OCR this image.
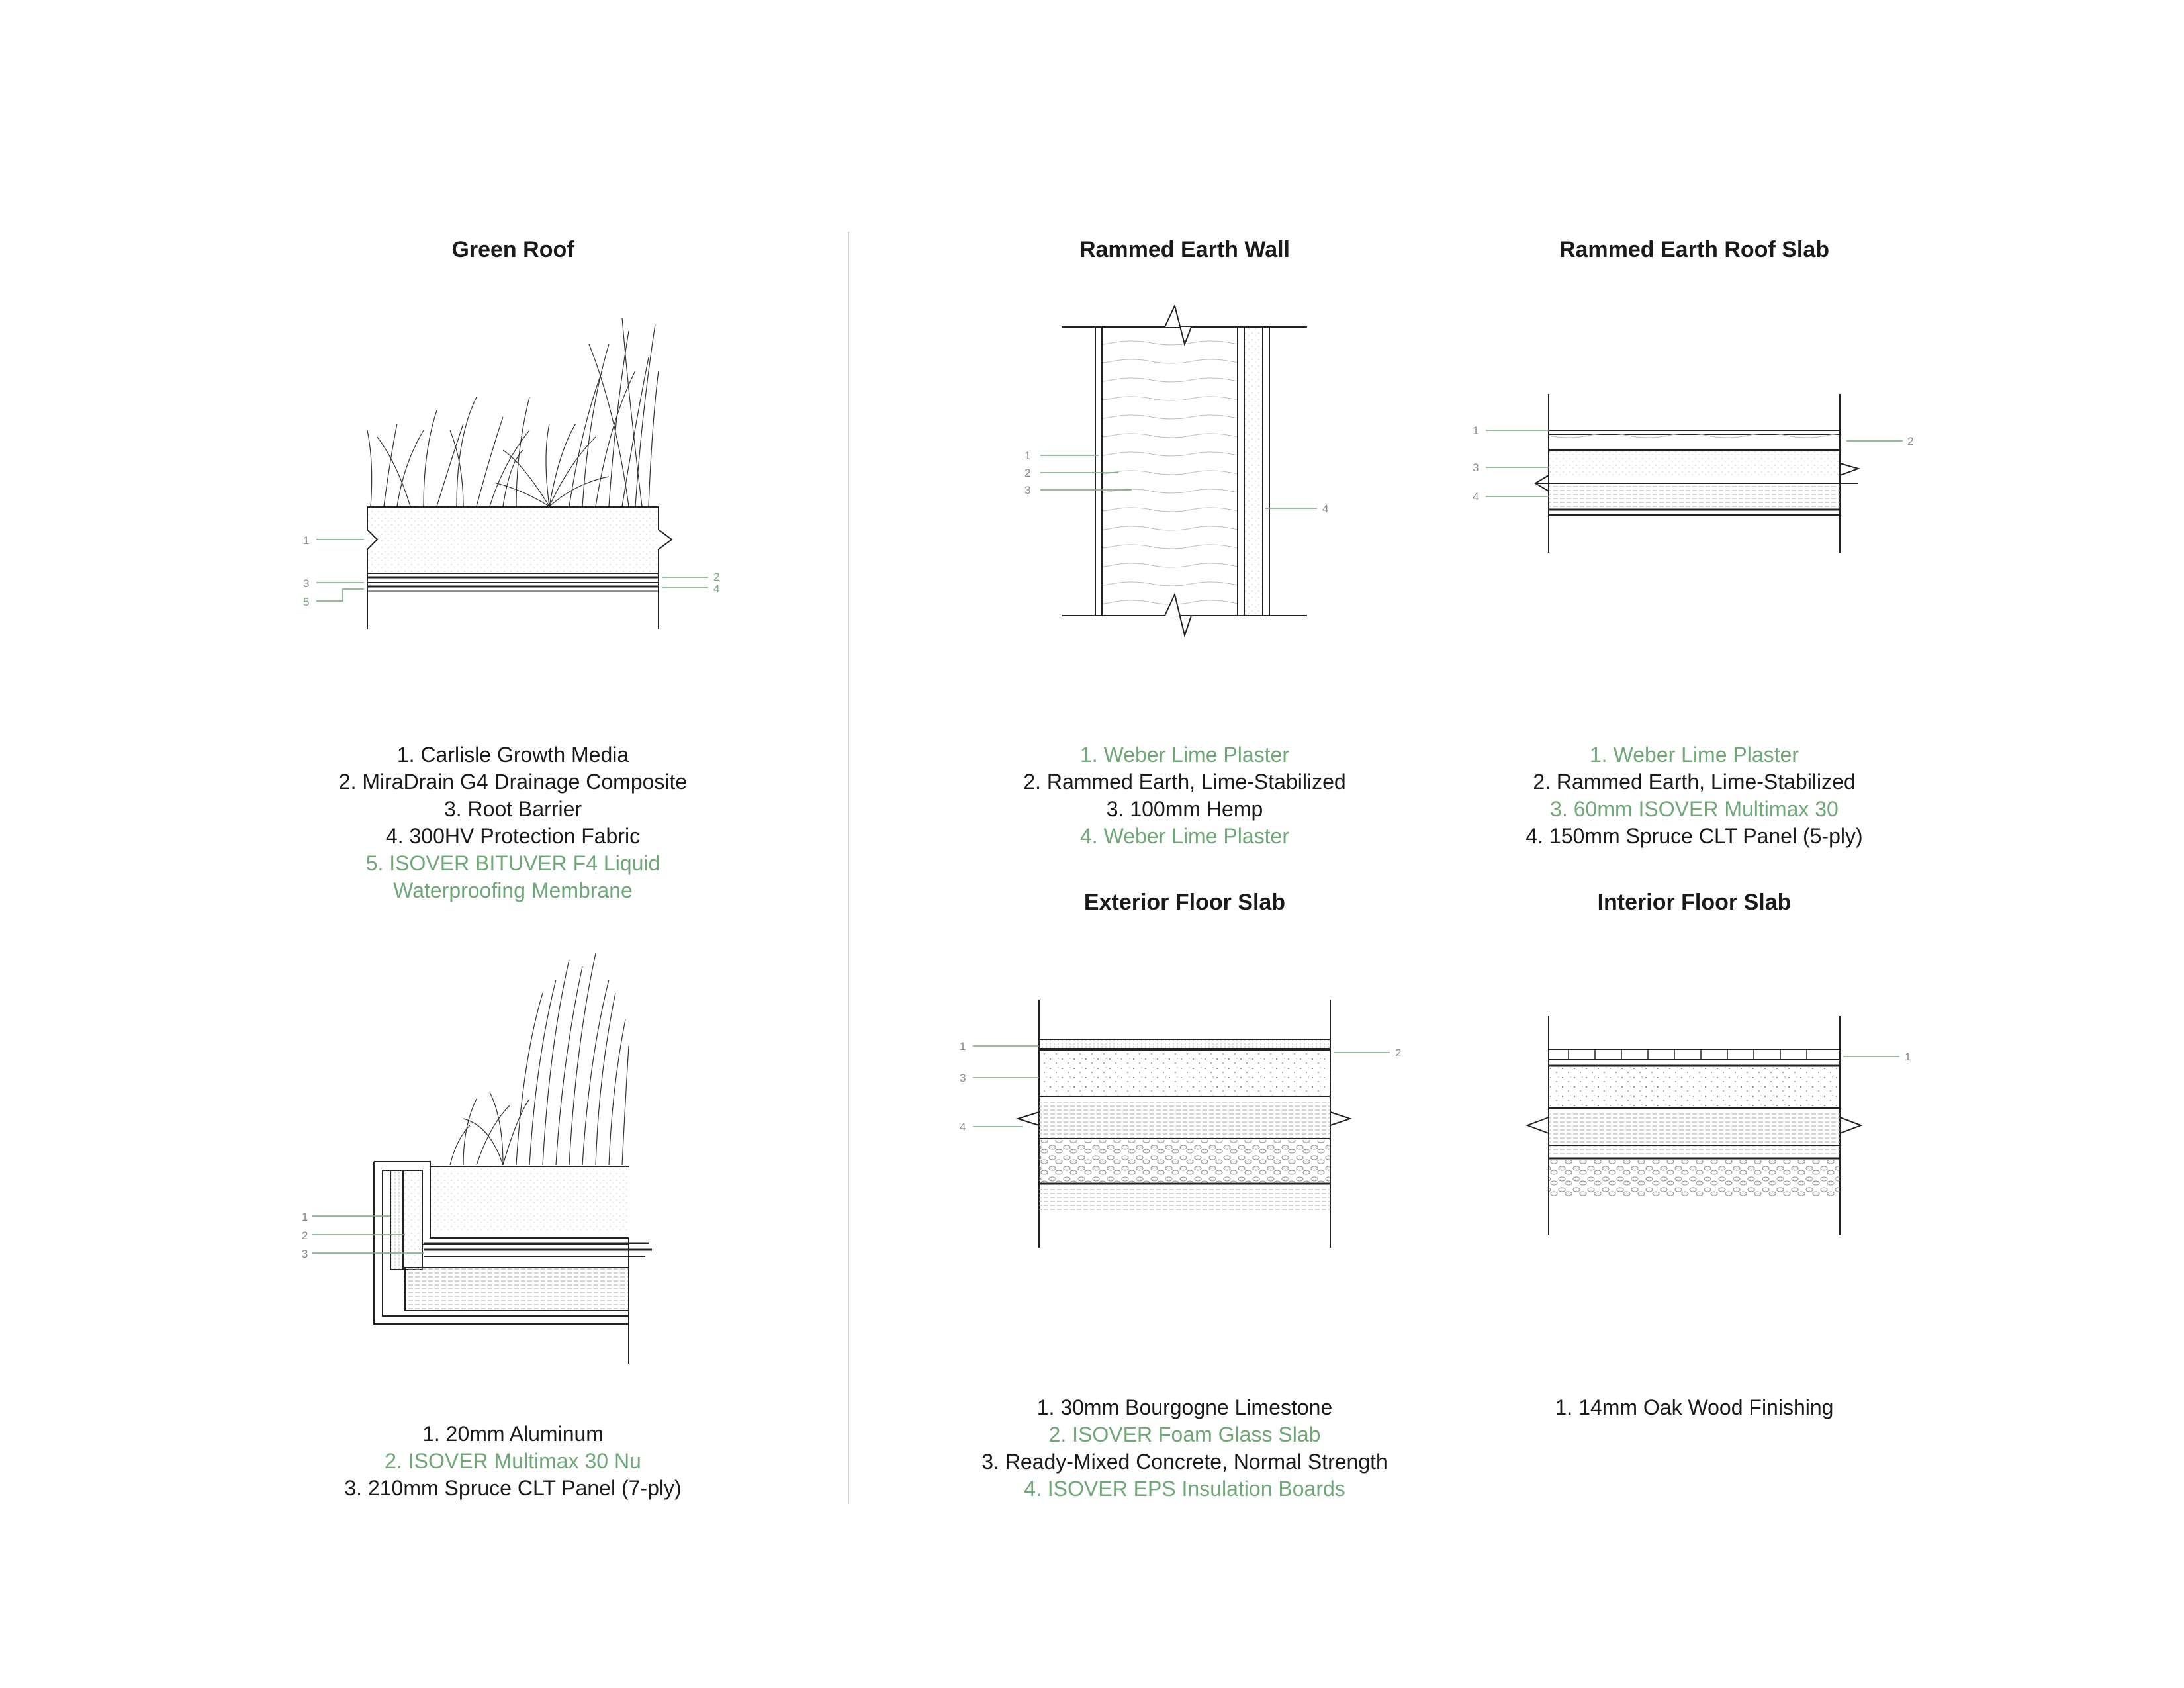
1
3
5
2
4
1
2
3
1
2
3
4
1
3
4
2
1
3
4
2	1
Green Roof	Rammed Earth Wall	Rammed Earth Roof Slab
Exterior Floor Slab	Interior Floor Slab
1. Carlisle Growth Media
2. MiraDrain G4 Drainage Composite
3. Root Barrier
4. 300HV Protection Fabric
5. ISOVER BITUVER F4 Liquid
Waterproofing Membrane
1. 20mm Aluminum
2. ISOVER Multimax 30 Nu
3. 210mm Spruce CLT Panel (7-ply)
1. Weber Lime Plaster
2. Rammed Earth, Lime-Stabilized
3. 100mm Hemp
4. Weber Lime Plaster
1. Weber Lime Plaster
2. Rammed Earth, Lime-Stabilized
3. 60mm ISOVER Multimax 30
4. 150mm Spruce CLT Panel (5-ply)
1. 30mm Bourgogne Limestone
2. ISOVER Foam Glass Slab
3. Ready-Mixed Concrete, Normal Strength
4. ISOVER EPS Insulation Boards
1. 14mm Oak Wood Finishing
